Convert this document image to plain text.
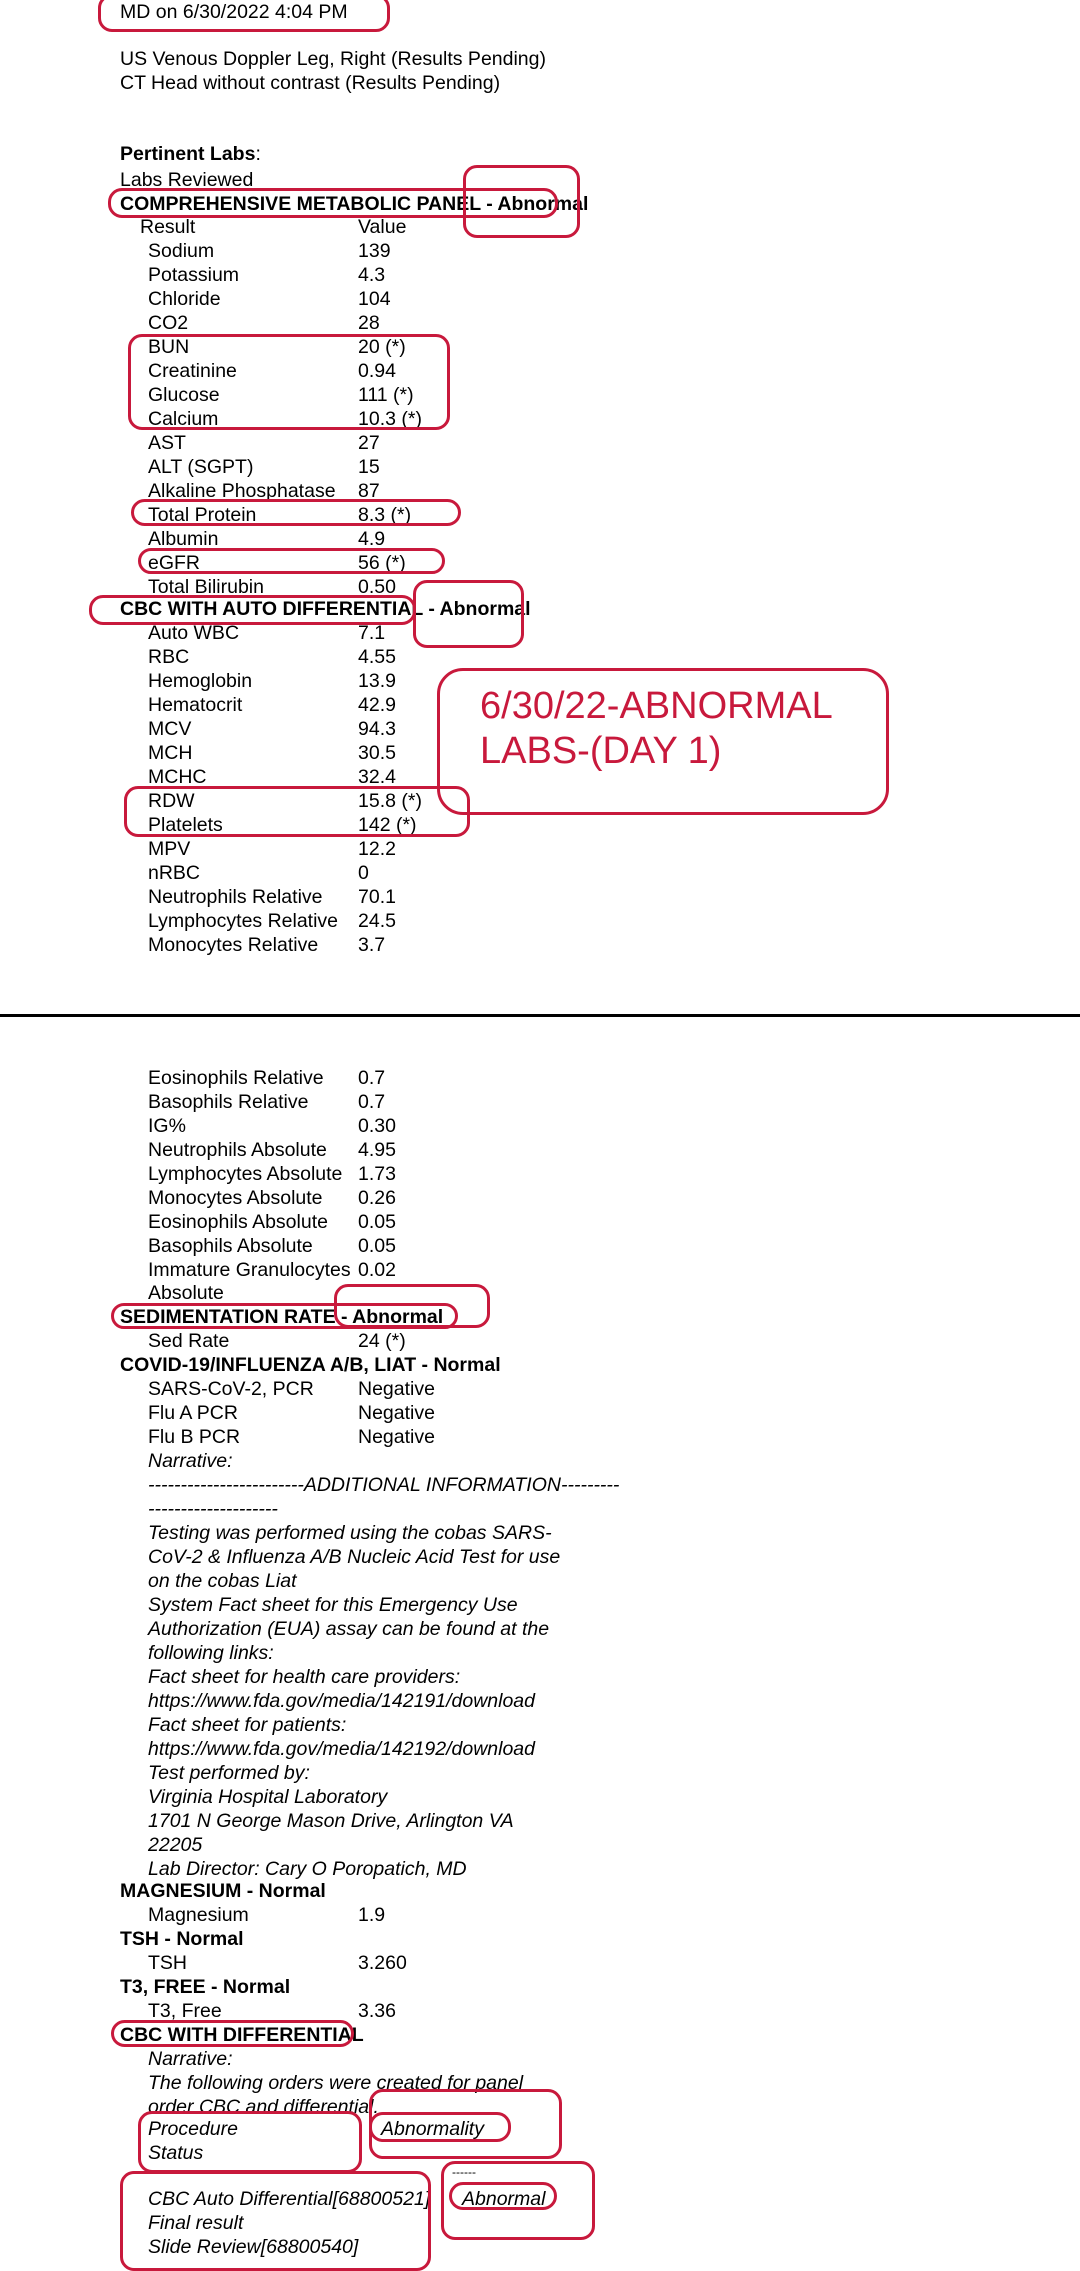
MD on 6/30/2022 4:04 PM
US Venous Doppler Leg, Right (Results Pending)
CT Head without contrast (Results Pending)
Pertinent Labs:
Labs Reviewed
COMPREHENSIVE METABOLIC PANEL - Abnormal
Result	Value
Sodium	139
Potassium	4.3
Chloride	104
CO2	28
BUN	20 (*)
Creatinine	0.94
Glucose	111 (*)
Calcium	10.3 (*)
AST	27
ALT (SGPT)	15
Alkaline Phosphatase 87
Total Protein	8.3 (*)
Albumin	4.9
eGFR	56 (*)
Total Bilirubin	0.50
CBC WITH AUTO DIFFERENTIAL - Abnormal
Auto WBC	7.1
RBC	4.55
Hemoglobin	13.9
Hematocrit	42.9
MCV	94.3
MCH	30.5
MCHC	32.4
RDW	15.8 (*)
Platelets	142 (*)
MPV	12.2
nRBC	0
Neutrophils Relative 70.1
Lymphocytes Relative 24.5
Monocytes Relative 3.7
6/30/22-ABNORMAL
LABS-(DAY 1)
Eosinophils Relative 0.7
Basophils Relative	0.7
IG%	0.30
Neutrophils Absolute 4.95
Lymphocytes Absolute 1.73
Monocytes Absolute 0.26
Eosinophils Absolute 0.05
Basophils Absolute 0.05
Immature Granulocytes 0.02
Absolute
SEDIMENTATION RATE - Abnormal
Sed Rate	24 (*)
COVID-19/INFLUENZA A/B, LIAT - Normal
SARS-CoV-2, PCR Negative
Flu A PCR	Negative
Flu B PCR	Negative
Narrative:
------------------------ADDITIONAL INFORMATION---------
--------------------
Testing was performed using the cobas SARS-
CoV-2 & Influenza A/B Nucleic Acid Test for use
on the cobas Liat
System Fact sheet for this Emergency Use
Authorization (EUA) assay can be found at the
following links:
Fact sheet for health care providers:
https://www.fda.gov/media/142191/download
Fact sheet for patients:
https://www.fda.gov/media/142192/download
Test performed by:
Virginia Hospital Laboratory
1701 N George Mason Drive, Arlington VA
22205
Lab Director: Cary O Poropatich, MD
MAGNESIUM - Normal
Magnesium	1.9
TSH - Normal
TSH	3.260
T3, FREE - Normal
T3, Free	3.36
CBC WITH DIFFERENTIAL
Narrative:
The following orders were created for panel
order CBC and differential.
Procedure	Abnormality
Status
---------	-----------	------
CBC Auto Differential[68800521] Abnormal
Final result
Slide Review[68800540]
